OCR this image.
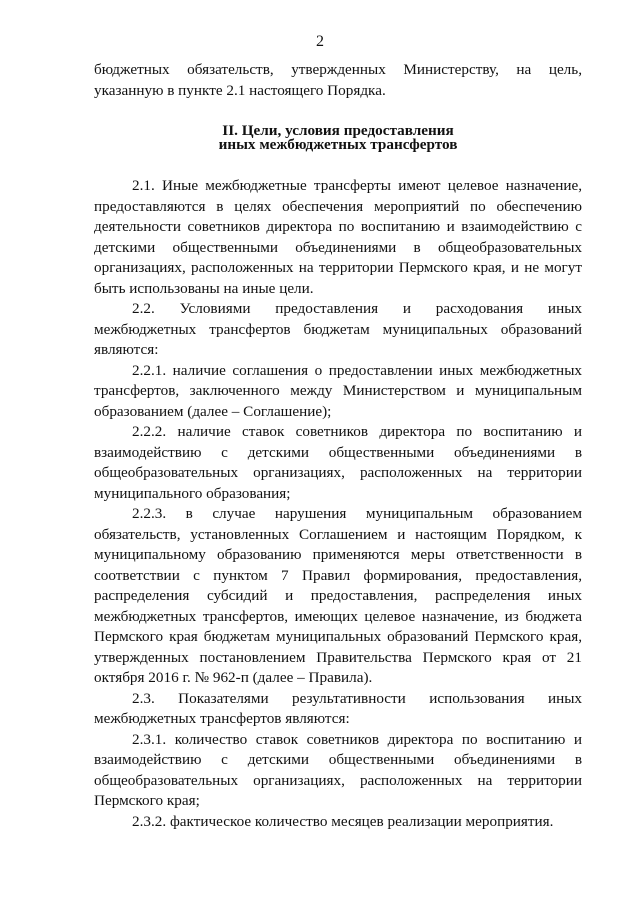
2

бюджетных обязательств, утвержденных Министерству, на цель, указанную в пункте 2.1 настоящего Порядка.

II. Цели, условия предоставления
иных межбюджетных трансфертов

2.1. Иные межбюджетные трансферты имеют целевое назначение, предоставляются в целях обеспечения мероприятий по обеспечению деятельности советников директора по воспитанию и взаимодействию с детскими общественными объединениями в общеобразовательных организациях, расположенных на территории Пермского края, и не могут быть использованы на иные цели.

2.2. Условиями предоставления и расходования иных межбюджетных трансфертов бюджетам муниципальных образований являются:

2.2.1. наличие соглашения о предоставлении иных межбюджетных трансфертов, заключенного между Министерством и муниципальным образованием (далее – Соглашение);

2.2.2. наличие ставок советников директора по воспитанию и взаимодействию с детскими общественными объединениями в общеобразовательных организациях, расположенных на территории муниципального образования;

2.2.3. в случае нарушения муниципальным образованием обязательств, установленных Соглашением и настоящим Порядком, к муниципальному образованию применяются меры ответственности в соответствии с пунктом 7 Правил формирования, предоставления, распределения субсидий и предоставления, распределения иных межбюджетных трансфертов, имеющих целевое назначение, из бюджета Пермского края бюджетам муниципальных образований Пермского края, утвержденных постановлением Правительства Пермского края от 21 октября 2016 г. № 962-п (далее – Правила).

2.3. Показателями результативности использования иных межбюджетных трансфертов являются:

2.3.1. количество ставок советников директора по воспитанию и взаимодействию с детскими общественными объединениями в общеобразовательных организациях, расположенных на территории Пермского края;

2.3.2. фактическое количество месяцев реализации мероприятия.
